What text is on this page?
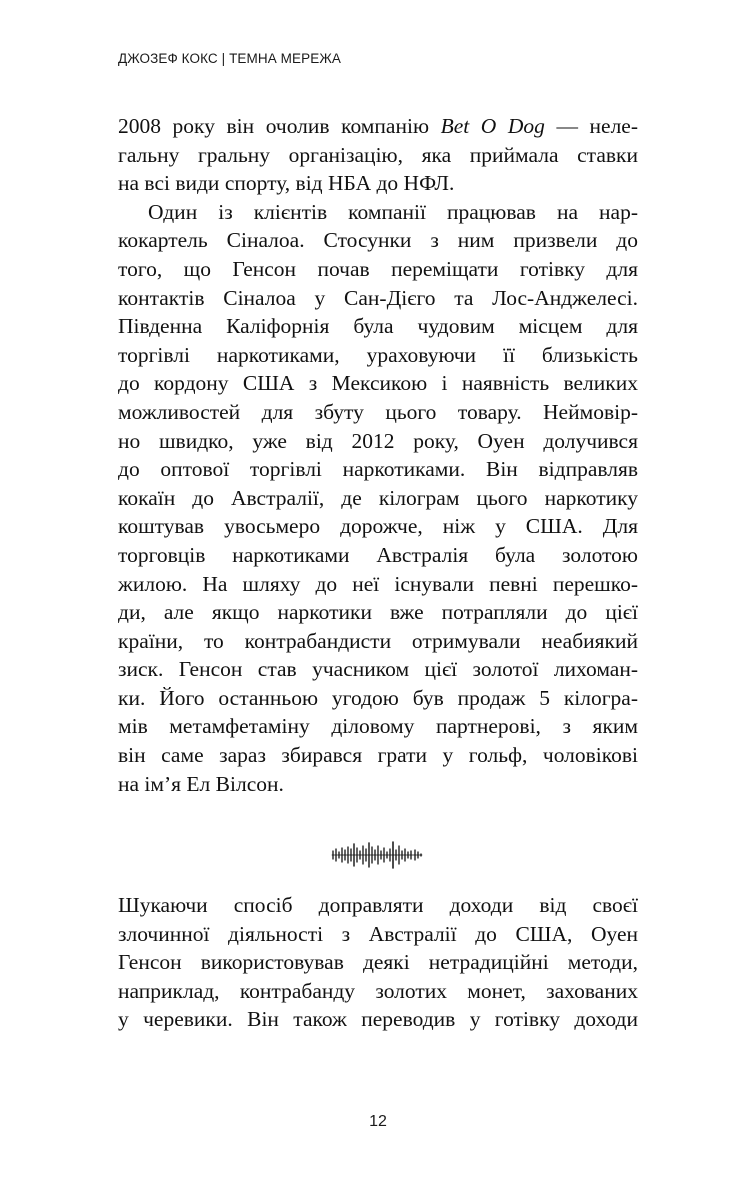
ДЖОЗЕФ КОКС | ТЕМНА МЕРЕЖА

2008 року він очолив компанію Bet O Dog — неле-
гальну гральну організацію, яка приймала ставки
на всі види спорту, від НБА до НФЛ.

Один із клієнтів компанії працював на нар-
кокартель Сіналоа. Стосунки з ним призвели до
того, що Генсон почав переміщати готівку для
контактів Сіналоа у Сан-Дієго та Лос-Анджелесі.
Південна Каліфорнія була чудовим місцем для
торгівлі наркотиками, ураховуючи її близькість
до кордону США з Мексикою і наявність великих
можливостей для збуту цього товару. Неймовір-
но швидко, уже від 2012 року, Оуен долучився
до оптової торгівлі наркотиками. Він відправляв
кокаїн до Австралії, де кілограм цього наркотику
коштував увосьмеро дорожче, ніж у США. Для
торговців наркотиками Австралія була золотою
жилою. На шляху до неї існували певні перешко-
ди, але якщо наркотики вже потрапляли до цієї
країни, то контрабандисти отримували неабиякий
зиск. Генсон став учасником цієї золотої лихоман-
ки. Його останньою угодою був продаж 5 кілогра-
мів метамфетаміну діловому партнерові, з яким
він саме зараз збирався грати у гольф, чоловікові
на ім’я Ел Вілсон.

Шукаючи спосіб доправляти доходи від своєї
злочинної діяльності з Австралії до США, Оуен
Генсон використовував деякі нетрадиційні методи,
наприклад, контрабанду золотих монет, захованих
у черевики. Він також переводив у готівку доходи

12
